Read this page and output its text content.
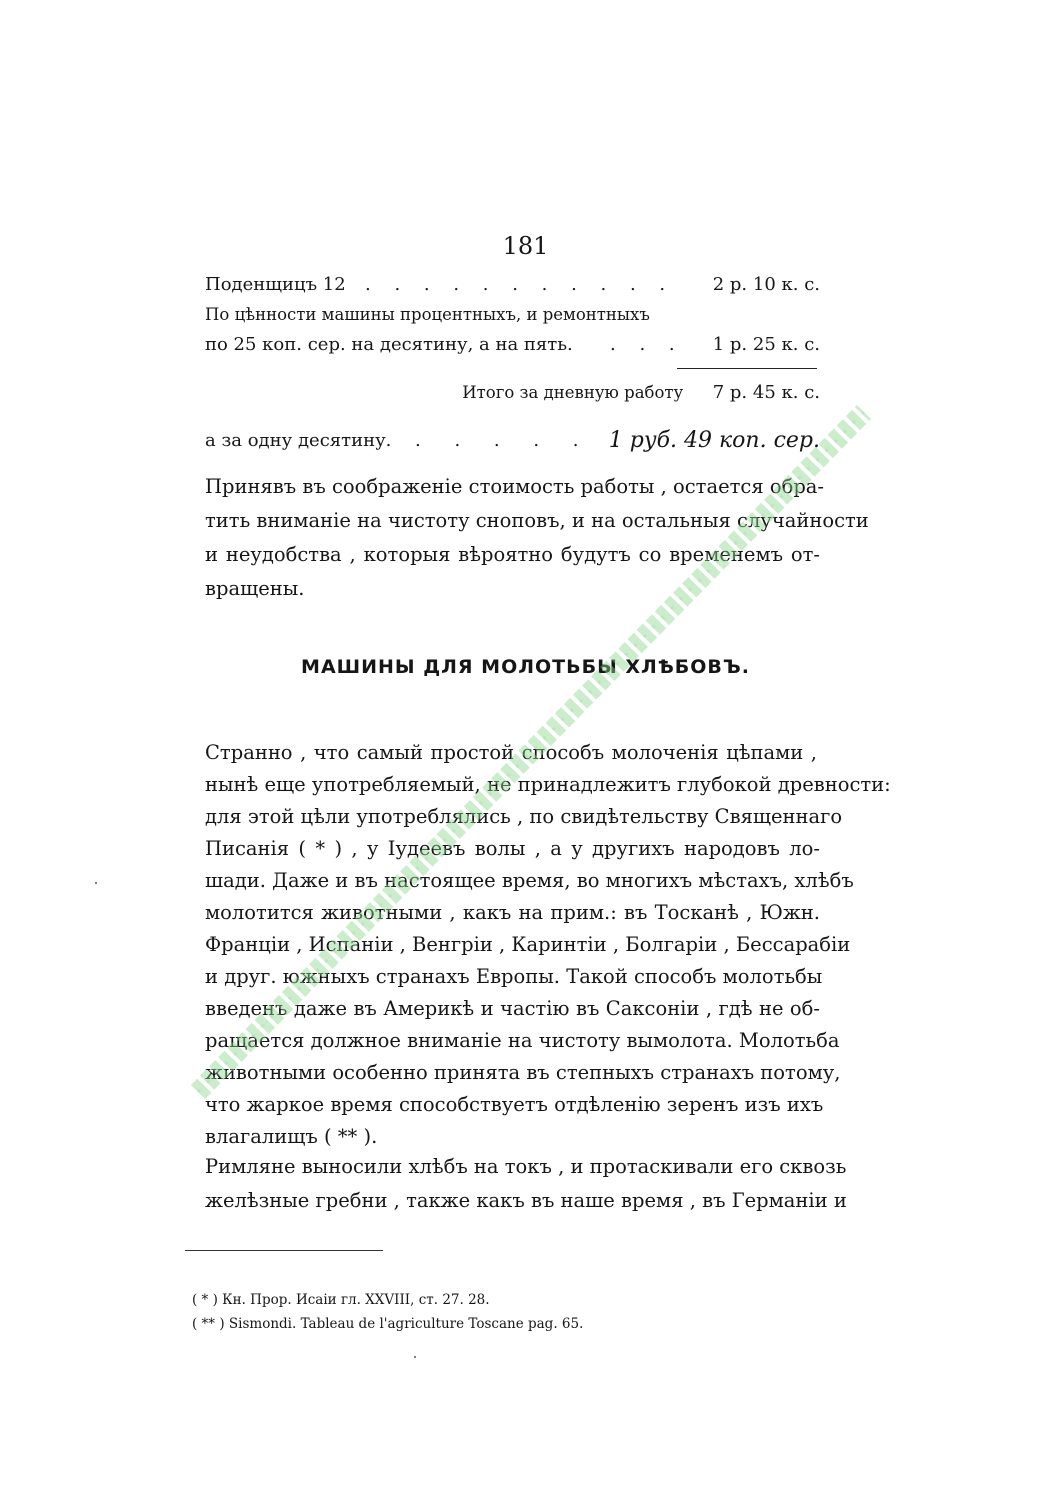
181
Поденщицъ 12 . . . . . . . . . . . 2 р. 10 к. с.
По цѣнности машины процентныхъ, и ремонтныхъ
по 25 коп. сер. на десятину, а на пять. . . . 1 р. 25 к. с.
Итого за дневную работу 7 р. 45 к. с.
а за одну десятину. . . . . . .
1 руб. 49 коп. сер.
Принявъ въ соображеніе стоимость работы , остается обра-
тить вниманіе на чистоту сноповъ, и на остальныя случайности
и неудобства , которыя вѣроятно будутъ со временемъ от-
вращены.
МАШИНЫ ДЛЯ МОЛОТЬБЫ ХЛѢБОВЪ.
Странно , что самый простой способъ молоченія цѣпами ,
нынѣ еще употребляемый, не принадлежитъ глубокой древности:
для этой цѣли употреблялись , по свидѣтельству Священнаго
Писанія ( * ) , у Іудеевъ волы , а у другихъ народовъ ло-
шади. Даже и въ настоящее время, во многихъ мѣстахъ, хлѣбъ
молотится животными , какъ на прим.: въ Тосканѣ , Южн.
Франціи , Испаніи , Венгріи , Каринтіи , Болгаріи , Бессарабіи
и друг. южныхъ странахъ Европы. Такой способъ молотьбы
введенъ даже въ Америкѣ и частію въ Саксоніи , гдѣ не об-
ращается должное вниманіе на чистоту вымолота. Молотьба
животными особенно принята въ степныхъ странахъ потому,
что жаркое время способствуетъ отдѣленію зеренъ изъ ихъ
влагалищъ ( ** ).
Римляне выносили хлѣбъ на токъ , и протаскивали его сквозь
желѣзные гребни , также какъ въ наше время , въ Германіи и
( * ) Кн. Прор. Исаіи гл. XXVIII, ст. 27. 28.
( ** ) Sismondi. Tableau de l'agriculture Toscane pag. 65.
